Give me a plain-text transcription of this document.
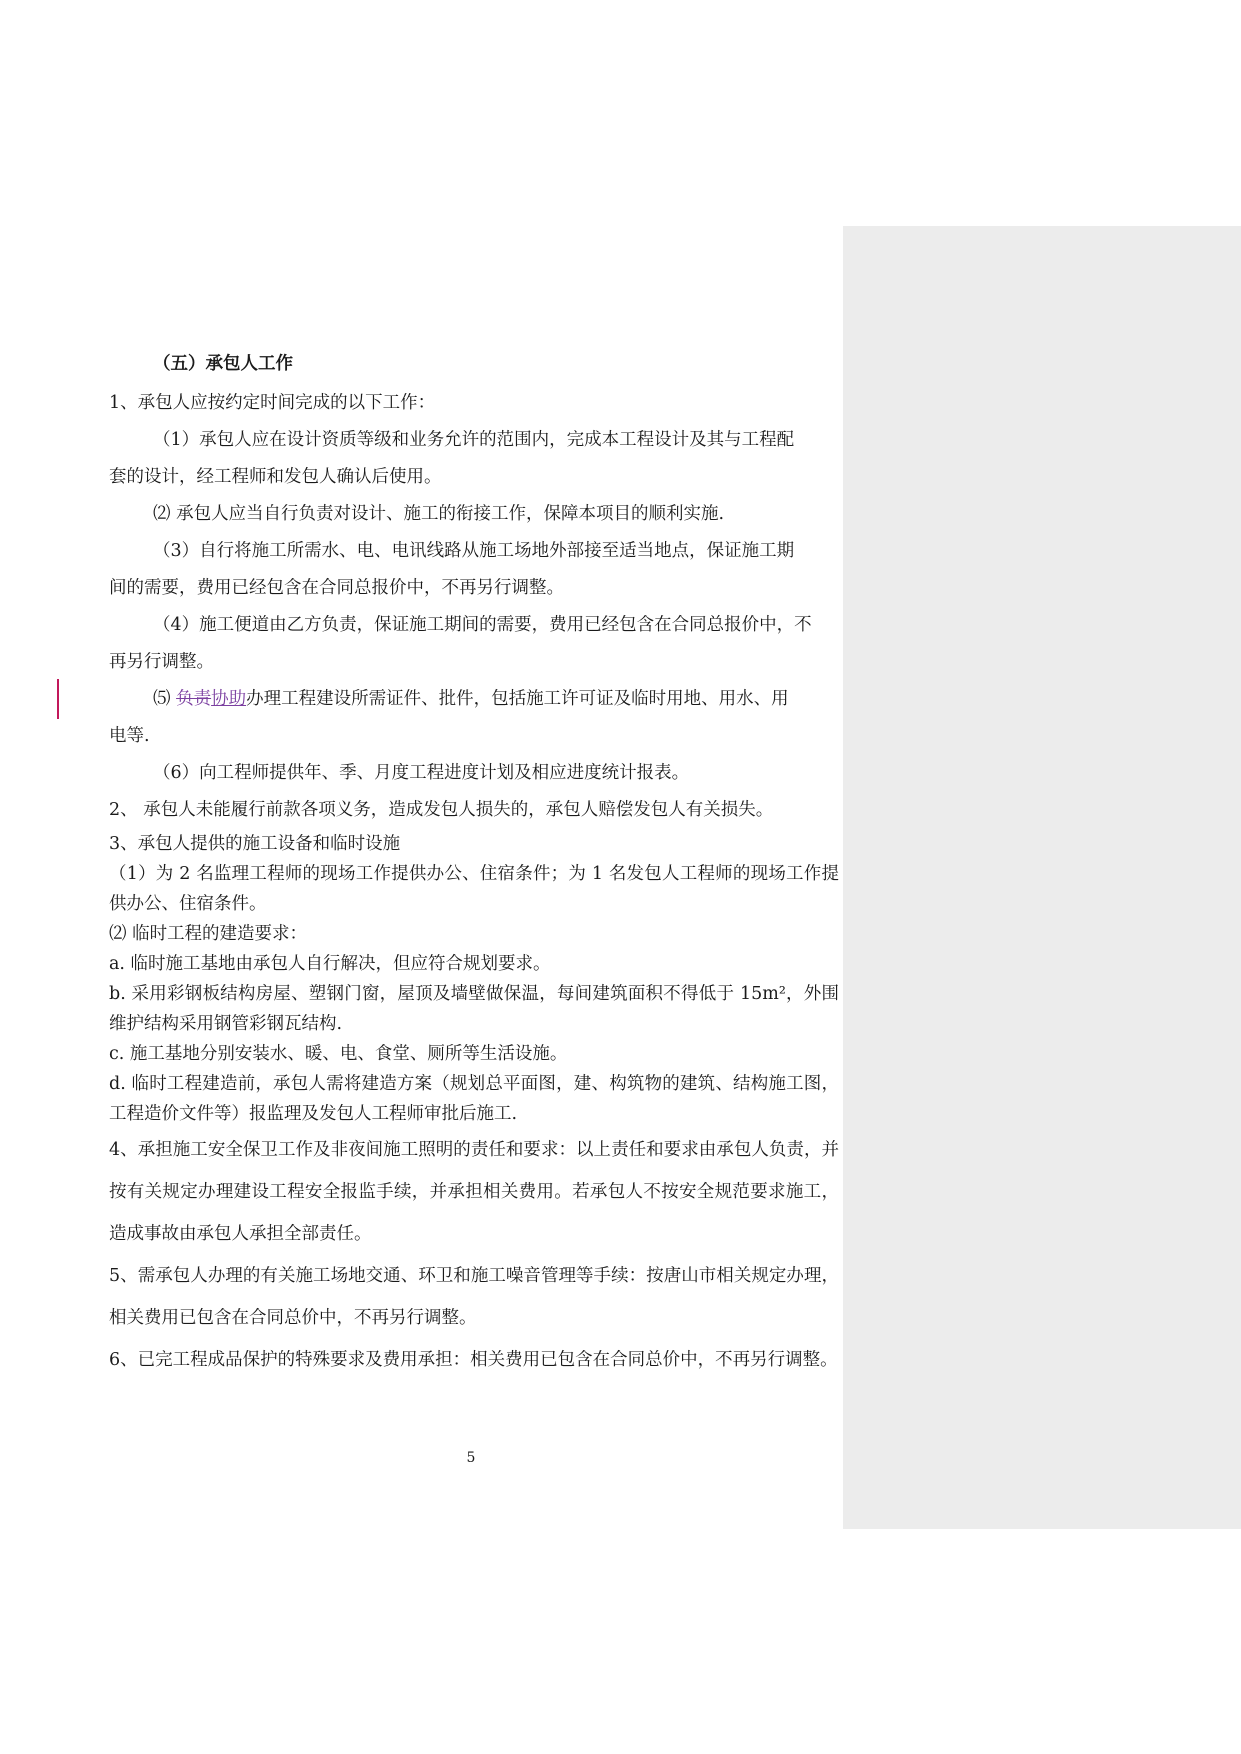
（五）承包人工作

1、承包人应按约定时间完成的以下工作：

（1）承包人应在设计资质等级和业务允许的范围内，完成本工程设计及其与工程配

套的设计，经工程师和发包人确认后使用。

⑵ 承包人应当自行负责对设计、施工的衔接工作，保障本项目的顺利实施.

（3）自行将施工所需水、电、电讯线路从施工场地外部接至适当地点，保证施工期

间的需要，费用已经包含在合同总报价中，不再另行调整。

（4）施工便道由乙方负责，保证施工期间的需要，费用已经包含在合同总报价中，不

再另行调整。

⑸ 负责协助办理工程建设所需证件、批件，包括施工许可证及临时用地、用水、用

电等.

（6）向工程师提供年、季、月度工程进度计划及相应进度统计报表。

2、 承包人未能履行前款各项义务，造成发包人损失的，承包人赔偿发包人有关损失。

3、承包人提供的施工设备和临时设施

（1）为 2 名监理工程师的现场工作提供办公、住宿条件；为 1 名发包人工程师的现场工作提供办公、住宿条件。

⑵ 临时工程的建造要求：

a. 临时施工基地由承包人自行解决，但应符合规划要求。

b. 采用彩钢板结构房屋、塑钢门窗，屋顶及墙壁做保温，每间建筑面积不得低于 15m²，外围维护结构采用钢管彩钢瓦结构.

c. 施工基地分别安装水、暖、电、食堂、厕所等生活设施。

d. 临时工程建造前，承包人需将建造方案（规划总平面图，建、构筑物的建筑、结构施工图，工程造价文件等）报监理及发包人工程师审批后施工.

4、承担施工安全保卫工作及非夜间施工照明的责任和要求：以上责任和要求由承包人负责，并按有关规定办理建设工程安全报监手续，并承担相关费用。若承包人不按安全规范要求施工，造成事故由承包人承担全部责任。

5、需承包人办理的有关施工场地交通、环卫和施工噪音管理等手续：按唐山市相关规定办理，相关费用已包含在合同总价中，不再另行调整。

6、已完工程成品保护的特殊要求及费用承担：相关费用已包含在合同总价中，不再另行调整。

5
